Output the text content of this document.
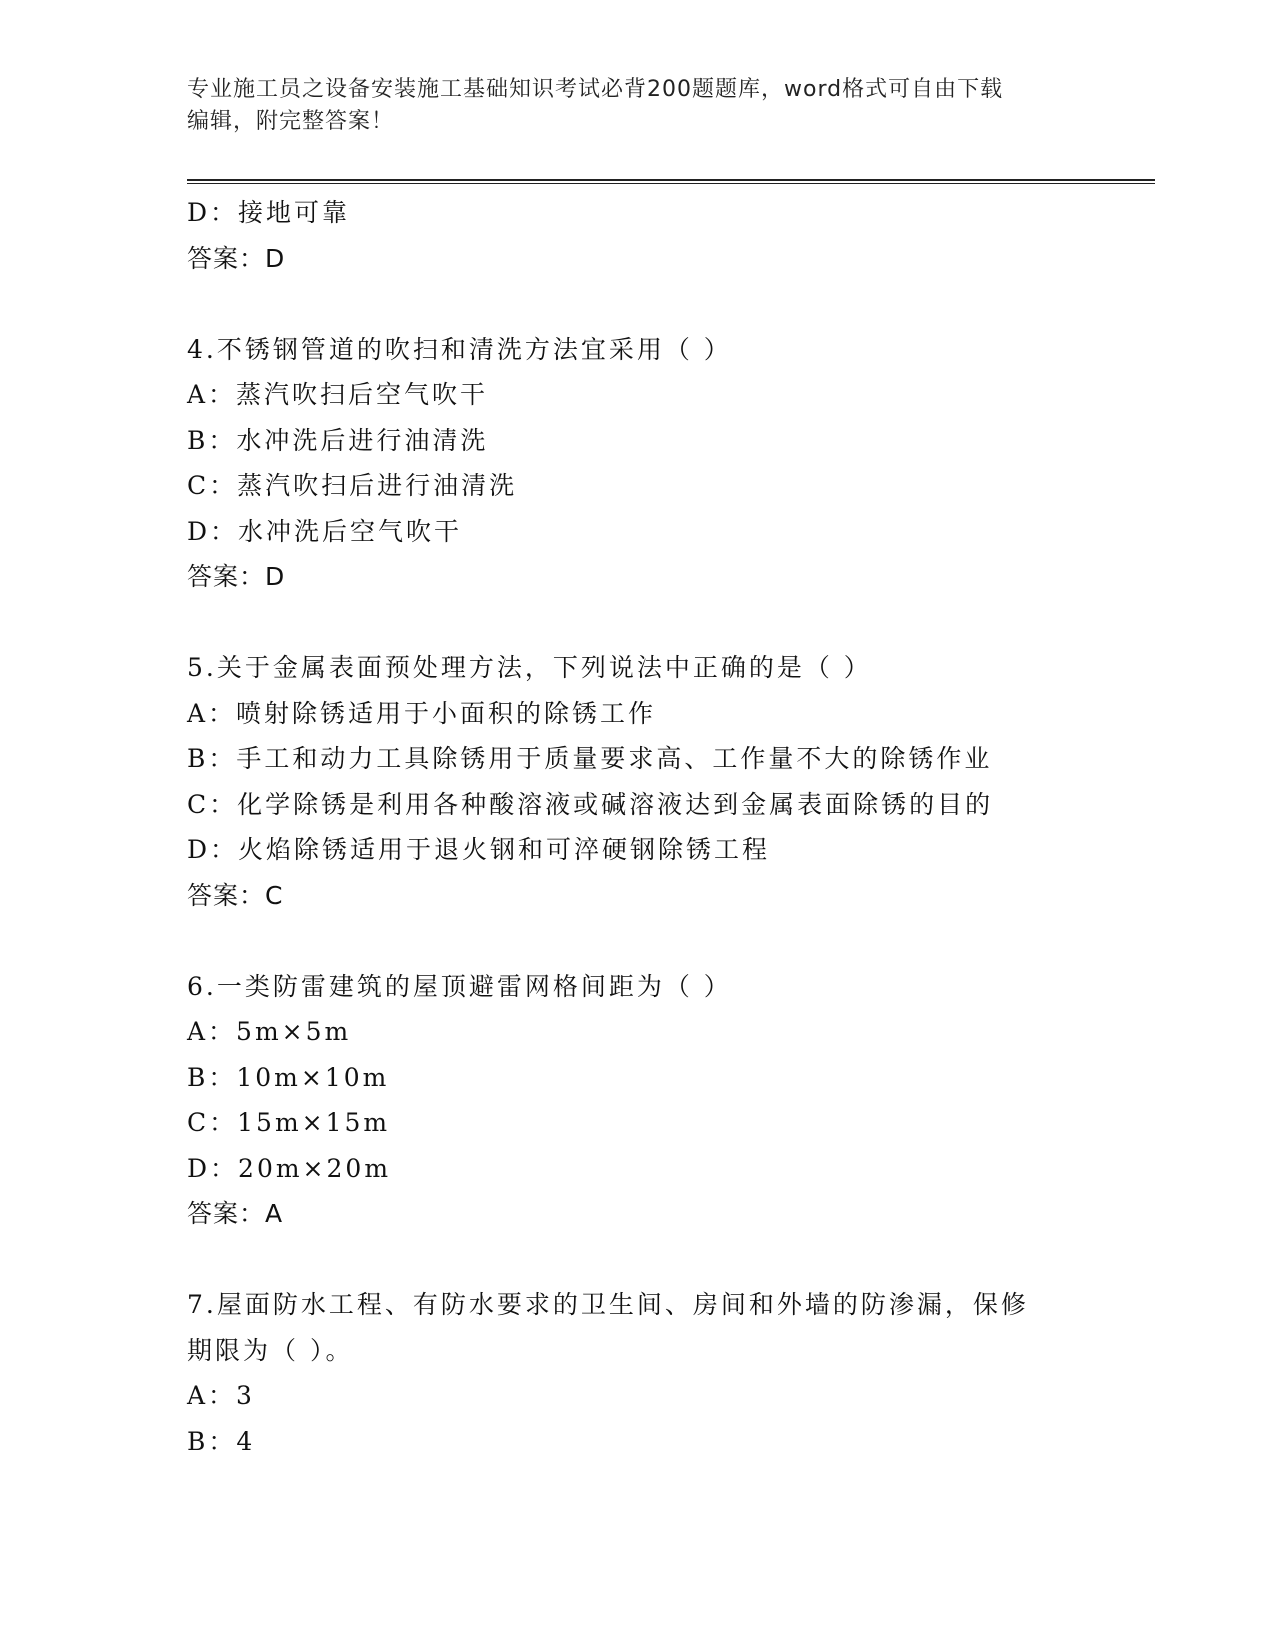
专业施工员之设备安装施工基础知识考试必背200题题库，word格式可自由下载
编辑，附完整答案！
D：接地可靠
答案：D
4.不锈钢管道的吹扫和清洗方法宜采用（ ）
A：蒸汽吹扫后空气吹干
B：水冲洗后进行油清洗
C：蒸汽吹扫后进行油清洗
D：水冲洗后空气吹干
答案：D
5.关于金属表面预处理方法，下列说法中正确的是（ ）
A：喷射除锈适用于小面积的除锈工作
B：手工和动力工具除锈用于质量要求高、工作量不大的除锈作业
C：化学除锈是利用各种酸溶液或碱溶液达到金属表面除锈的目的
D：火焰除锈适用于退火钢和可淬硬钢除锈工程
答案：C
6.一类防雷建筑的屋顶避雷网格间距为（ ）
A：5m×5m
B：10m×10m
C：15m×15m
D：20m×20m
答案：A
7.屋面防水工程、有防水要求的卫生间、房间和外墙的防渗漏，保修
期限为（ ）。
A：3
B：4
